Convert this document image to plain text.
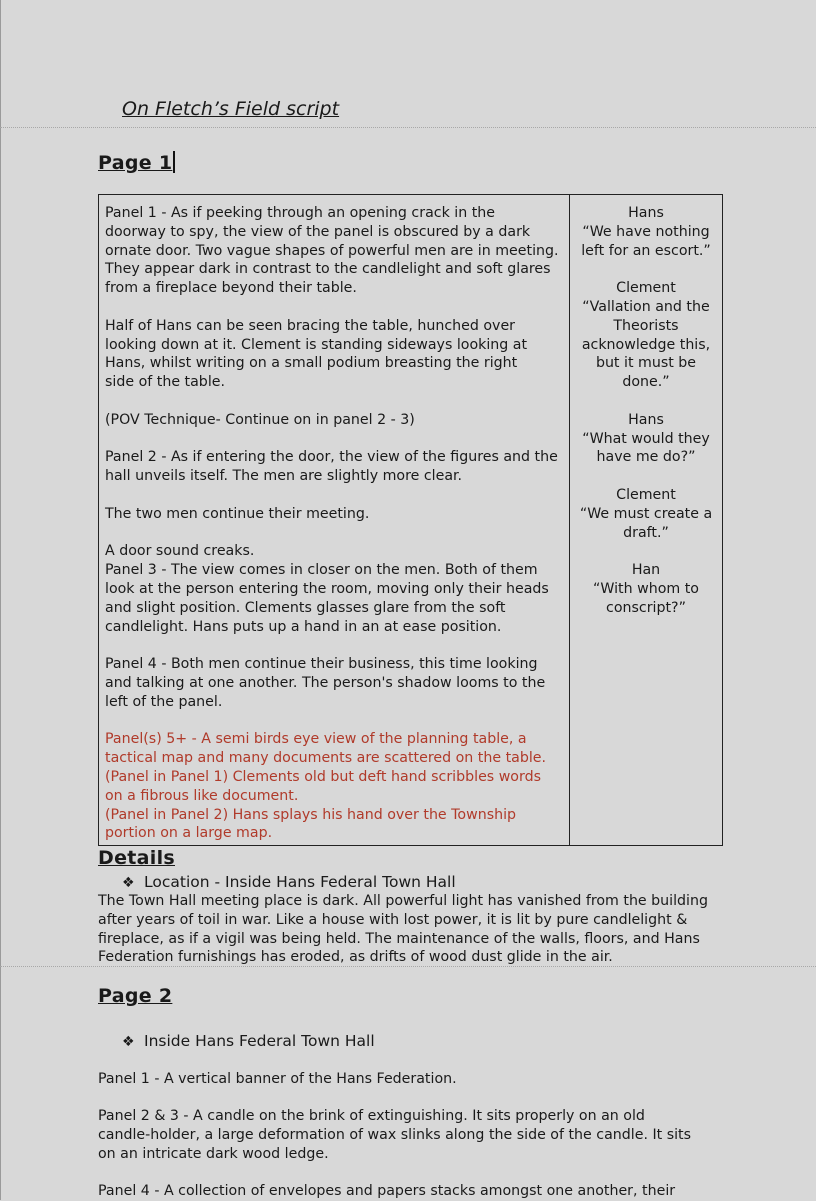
On Fletch’s Field script
Page 1
Panel 1 - As if peeking through an opening crack in the
doorway to spy, the view of the panel is obscured by a dark
ornate door. Two vague shapes of powerful men are in meeting.
They appear dark in contrast to the candlelight and soft glares
from a fireplace beyond their table.
Half of Hans can be seen bracing the table, hunched over
looking down at it. Clement is standing sideways looking at
Hans, whilst writing on a small podium breasting the right
side of the table.
(POV Technique- Continue on in panel 2 - 3)
Panel 2 - As if entering the door, the view of the figures and the
hall unveils itself. The men are slightly more clear.
The two men continue their meeting.
A door sound creaks.
Panel 3 - The view comes in closer on the men. Both of them
look at the person entering the room, moving only their heads
and slight position. Clements glasses glare from the soft
candlelight. Hans puts up a hand in an at ease position.
Panel 4 - Both men continue their business, this time looking
and talking at one another. The person's shadow looms to the
left of the panel.
Panel(s) 5+ - A semi birds eye view of the planning table, a
tactical map and many documents are scattered on the table.
(Panel in Panel 1) Clements old but deft hand scribbles words
on a fibrous like document.
(Panel in Panel 2) Hans splays his hand over the Township
portion on a large map.
Hans
“We have nothing
left for an escort.”
Clement
“Vallation and the
Theorists
acknowledge this,
but it must be
done.”
Hans
“What would they
have me do?”
Clement
“We must create a
draft.”
Han
“With whom to
conscript?”
Details
❖ Location - Inside Hans Federal Town Hall
The Town Hall meeting place is dark. All powerful light has vanished from the building
after years of toil in war. Like a house with lost power, it is lit by pure candlelight &
fireplace, as if a vigil was being held. The maintenance of the walls, floors, and Hans
Federation furnishings has eroded, as drifts of wood dust glide in the air.
Page 2
❖ Inside Hans Federal Town Hall
Panel 1 - A vertical banner of the Hans Federation.
Panel 2 & 3 - A candle on the brink of extinguishing. It sits properly on an old
candle-holder, a large deformation of wax slinks along the side of the candle. It sits
on an intricate dark wood ledge.
Panel 4 - A collection of envelopes and papers stacks amongst one another, their
